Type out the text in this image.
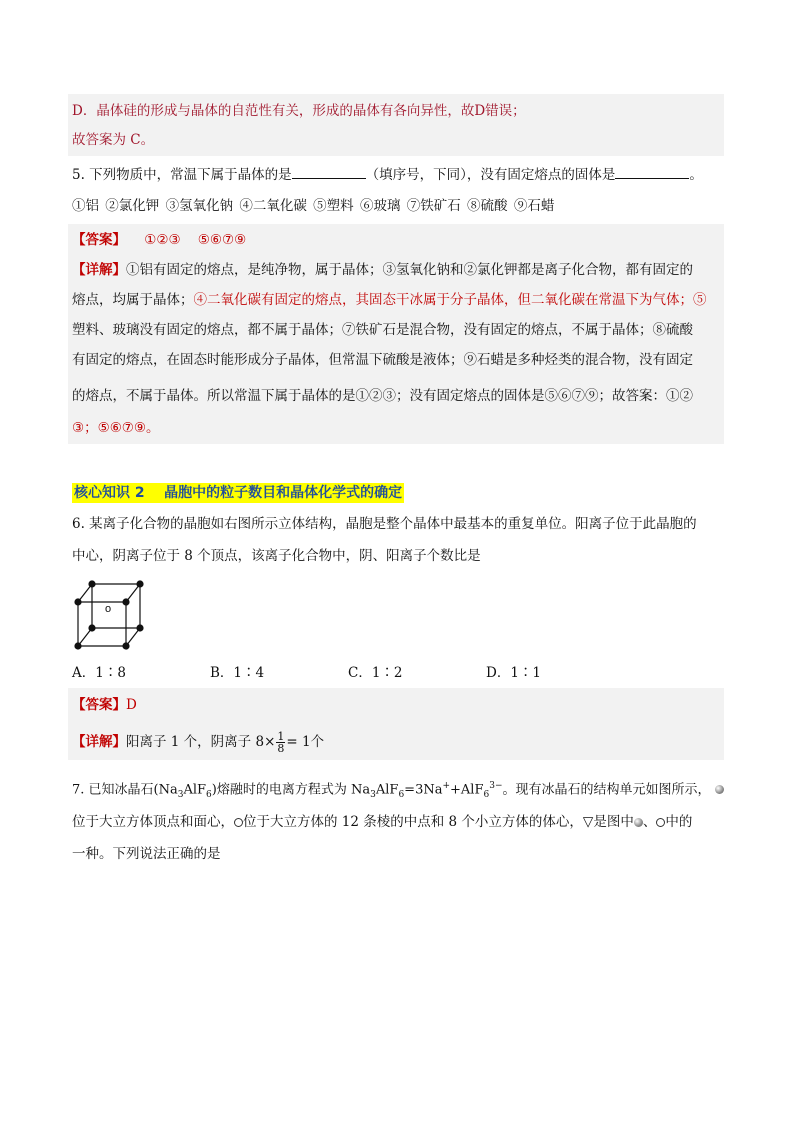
D．晶体硅的形成与晶体的自范性有关，形成的晶体有各向异性，故D错误；
故答案为 C。
5. 下列物质中，常温下属于晶体的是	（填序号，下同），没有固定熔点的固体是	。
①铝 ②氯化钾 ③氢氧化钠 ④二氧化碳 ⑤塑料 ⑥玻璃 ⑦铁矿石 ⑧硫酸 ⑨石蜡
【答案】 ①②③    ⑤⑥⑦⑨
【详解】①铝有固定的熔点，是纯净物，属于晶体；③氢氧化钠和②氯化钾都是离子化合物，都有固定的
熔点，均属于晶体；④二氧化碳有固定的熔点，其固态干冰属于分子晶体，但二氧化碳在常温下为气体；⑤
塑料、玻璃没有固定的熔点，都不属于晶体；⑦铁矿石是混合物，没有固定的熔点，不属于晶体；⑧硫酸
有固定的熔点，在固态时能形成分子晶体，但常温下硫酸是液体；⑨石蜡是多种烃类的混合物，没有固定
的熔点，不属于晶体。所以常温下属于晶体的是①②③；没有固定熔点的固体是⑤⑥⑦⑨；故答案：①②
③；⑤⑥⑦⑨。
核心知识 2    晶胞中的粒子数目和晶体化学式的确定
6. 某离子化合物的晶胞如右图所示立体结构，晶胞是整个晶体中最基本的重复单位。阳离子位于此晶胞的
中心，阴离子位于 8 个顶点，该离子化合物中，阴、阳离子个数比是
o
A．1∶8	B．1∶4	C．1∶2	D．1∶1
【答案】D
【详解】阳离子 1 个，阴离子 $8\times \frac{1}{8} = 1$个
7. 已知冰晶石$(Na_3AlF_6)$熔融时的电离方程式为 $Na_3AlF_6=3Na^++AlF_6^{3-}$。现有冰晶石的结构单元如图所示，
位于大立方体顶点和面心， 位于大立方体的 12 条棱的中点和 8 个小立方体的体心，▽是图中 、 中的
一种。下列说法正确的是
